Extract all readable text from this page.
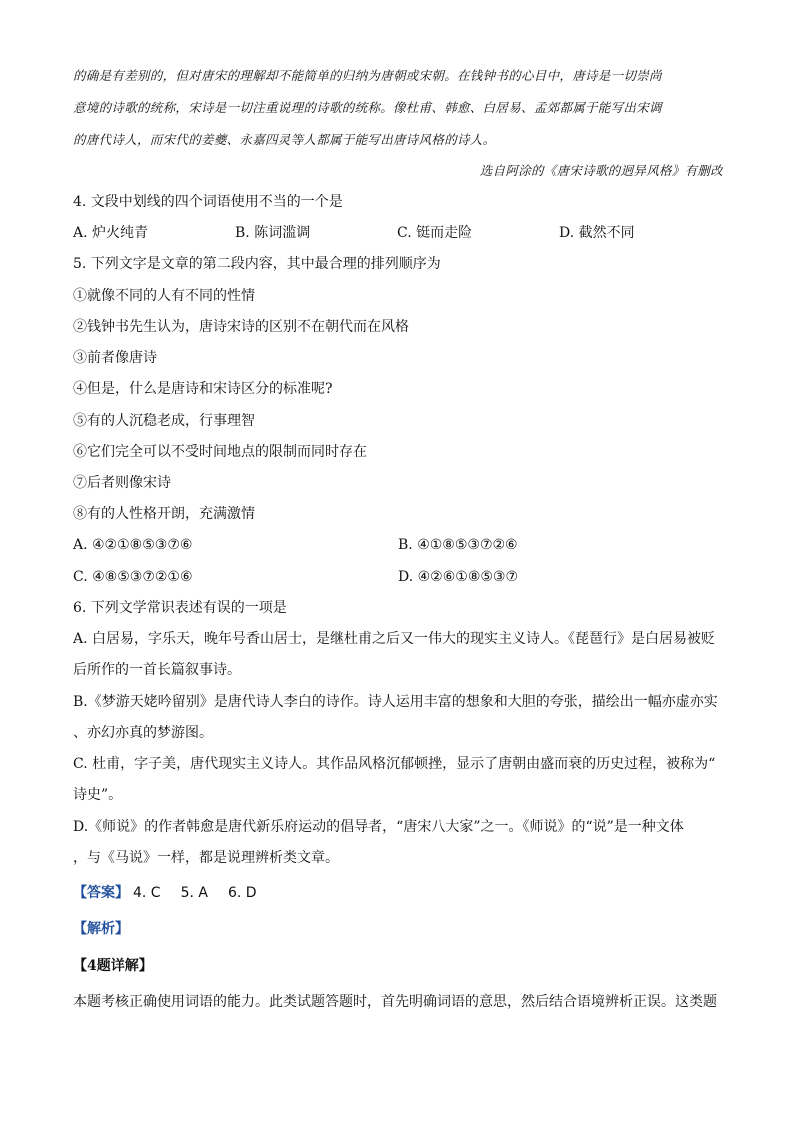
的确是有差别的，但对唐宋的理解却不能简单的归纳为唐朝或宋朝。在钱钟书的心目中，唐诗是一切崇尚
意境的诗歌的统称，宋诗是一切注重说理的诗歌的统称。像杜甫、韩愈、白居易、孟郊都属于能写出宋调
的唐代诗人，而宋代的姜夔、永嘉四灵等人都属于能写出唐诗风格的诗人。
选自阿涂的《唐宋诗歌的迥异风格》有删改
4. 文段中划线的四个词语使用不当的一个是
A. 炉火纯青	B. 陈词滥调	C. 铤而走险	D. 截然不同
5. 下列文字是文章的第二段内容，其中最合理的排列顺序为
①就像不同的人有不同的性情
②钱钟书先生认为，唐诗宋诗的区别不在朝代而在风格
③前者像唐诗
④但是，什么是唐诗和宋诗区分的标准呢?
⑤有的人沉稳老成，行事理智
⑥它们完全可以不受时间地点的限制而同时存在
⑦后者则像宋诗
⑧有的人性格开朗，充满激情
A. ④②①⑧⑤③⑦⑥	B. ④①⑧⑤③⑦②⑥
C. ④⑧⑤③⑦②①⑥	D. ④②⑥①⑧⑤③⑦
6. 下列文学常识表述有误的一项是
A. 白居易，字乐天，晚年号香山居士，是继杜甫之后又一伟大的现实主义诗人。《琵琶行》是白居易被贬
后所作的一首长篇叙事诗。
B.《梦游天姥吟留别》是唐代诗人李白的诗作。诗人运用丰富的想象和大胆的夸张，描绘出一幅亦虚亦实
、亦幻亦真的梦游图。
C. 杜甫，字子美，唐代现实主义诗人。其作品风格沉郁顿挫，显示了唐朝由盛而衰的历史过程，被称为“
诗史”。
D.《师说》的作者韩愈是唐代新乐府运动的倡导者，“唐宋八大家”之一。《师说》的“说”是一种文体
，与《马说》一样，都是说理辨析类文章。
【答案】 4. C 5. A 6. D
【解析】
【4题详解】
本题考核正确使用词语的能力。此类试题答题时，首先明确词语的意思，然后结合语境辨析正误。这类题
